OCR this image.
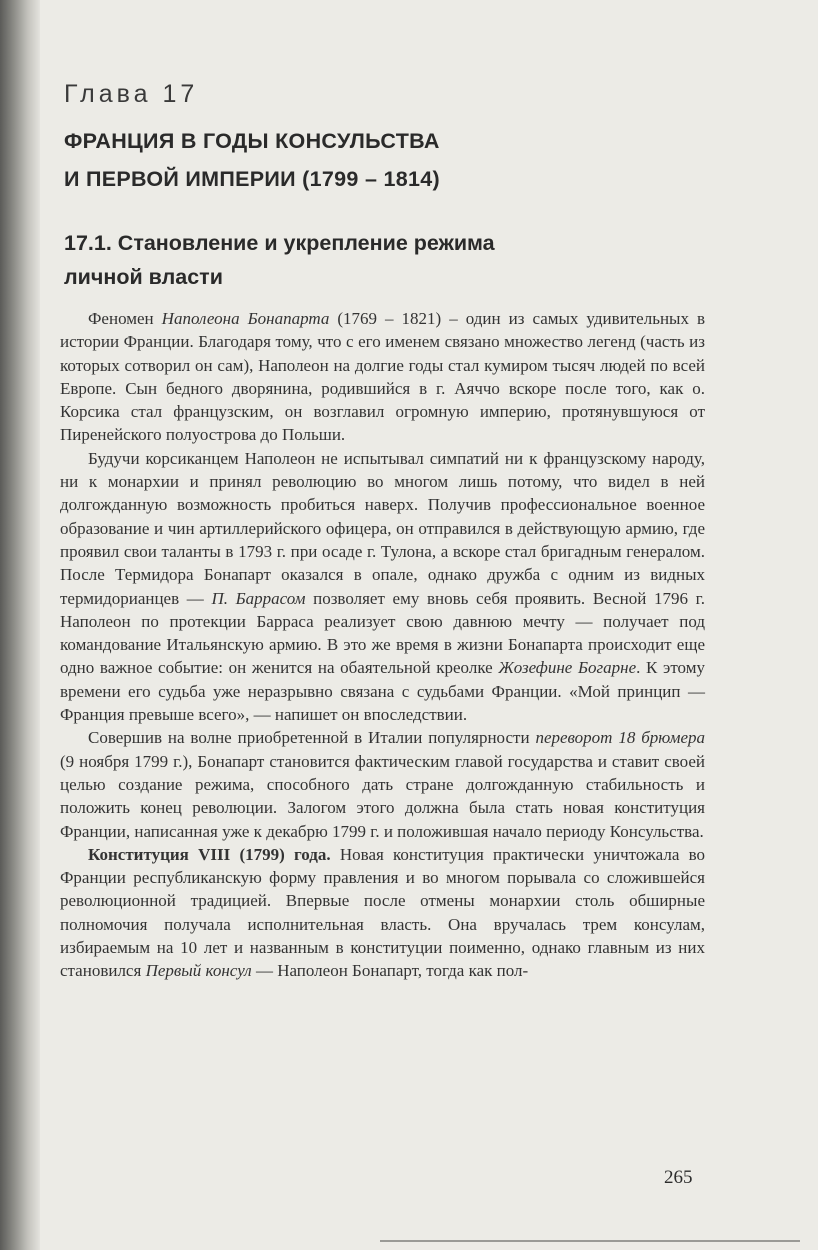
Глава 17
ФРАНЦИЯ В ГОДЫ КОНСУЛЬСТВА
И ПЕРВОЙ ИМПЕРИИ (1799 – 1814)
17.1. Становление и укрепление режима
личной власти

Феномен Наполеона Бонапарта (1769 – 1821) – один из самых удивительных в истории Франции. Благодаря тому, что с его именем связано множество легенд (часть из которых сотворил он сам), Наполеон на долгие годы стал кумиром тысяч людей по всей Европе. Сын бедного дворянина, родившийся в г. Аяччо вскоре после того, как о. Корсика стал французским, он возглавил огромную империю, протянувшуюся от Пиренейского полуострова до Польши.

Будучи корсиканцем Наполеон не испытывал симпатий ни к французскому народу, ни к монархии и принял революцию во многом лишь потому, что видел в ней долгожданную возможность пробиться наверх. Получив профессиональное военное образование и чин артиллерийского офицера, он отправился в действующую армию, где проявил свои таланты в 1793 г. при осаде г. Тулона, а вскоре стал бригадным генералом. После Термидора Бонапарт оказался в опале, однако дружба с одним из видных термидорианцев — П. Баррасом позволяет ему вновь себя проявить. Весной 1796 г. Наполеон по протекции Барраса реализует свою давнюю мечту — получает под командование Итальянскую армию. В это же время в жизни Бонапарта происходит еще одно важное событие: он женится на обаятельной креолке Жозефине Богарне. К этому времени его судьба уже неразрывно связана с судьбами Франции. «Мой принцип — Франция превыше всего», — напишет он впоследствии.

Совершив на волне приобретенной в Италии популярности переворот 18 брюмера (9 ноября 1799 г.), Бонапарт становится фактическим главой государства и ставит своей целью создание режима, способного дать стране долгожданную стабильность и положить конец революции. Залогом этого должна была стать новая конституция Франции, написанная уже к декабрю 1799 г. и положившая начало периоду Консульства.

Конституция VIII (1799) года. Новая конституция практически уничтожала во Франции республиканскую форму правления и во многом порывала со сложившейся революционной традицией. Впервые после отмены монархии столь обширные полномочия получала исполнительная власть. Она вручалась трем консулам, избираемым на 10 лет и названным в конституции поименно, однако главным из них становился Первый консул — Наполеон Бонапарт, тогда как пол-

265
